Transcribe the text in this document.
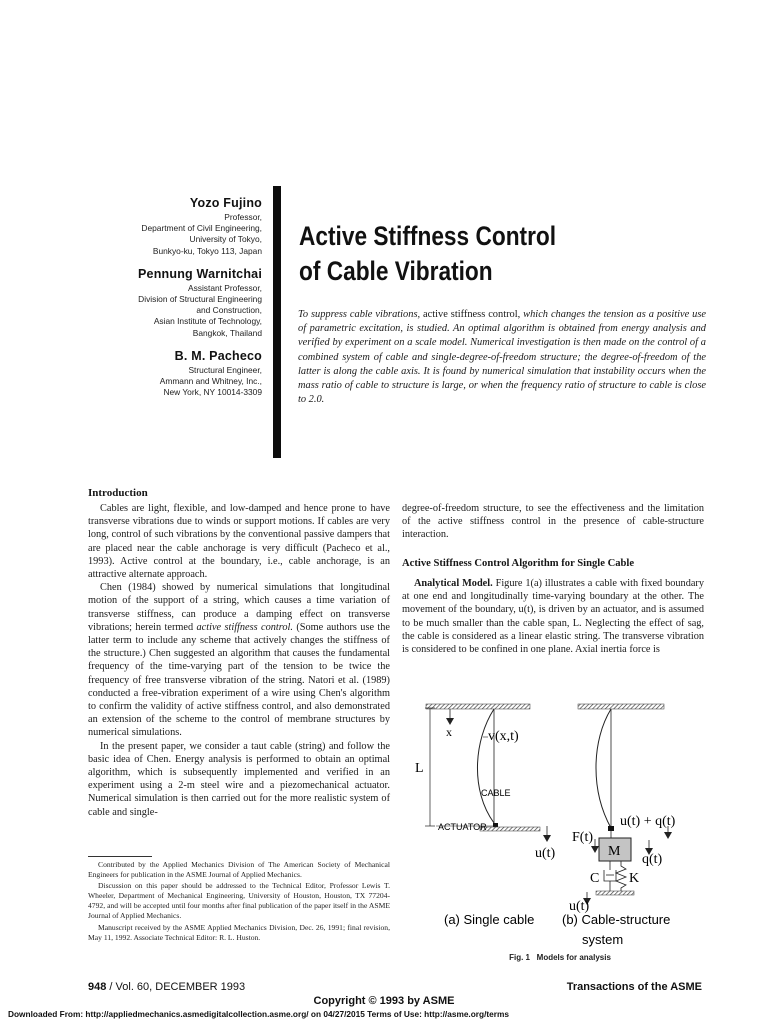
Yozo Fujino
Professor,
Department of Civil Engineering,
University of Tokyo,
Bunkyo-ku, Tokyo 113, Japan
Pennung Warnitchai
Assistant Professor,
Division of Structural Engineering
and Construction,
Asian Institute of Technology,
Bangkok, Thailand
B. M. Pacheco
Structural Engineer,
Ammann and Whitney, Inc.,
New York, NY 10014-3309
Active Stiffness Control
of Cable Vibration
To suppress cable vibrations, active stiffness control, which changes the tension as a positive use of parametric excitation, is studied. An optimal algorithm is obtained from energy analysis and verified by experiment on a scale model. Numerical investigation is then made on the control of a combined system of cable and single-degree-of-freedom structure; the degree-of-freedom of the latter is along the cable axis. It is found by numerical simulation that instability occurs when the mass ratio of cable to structure is large, or when the frequency ratio of structure to cable is close to 2.0.
Introduction

Cables are light, flexible, and low-damped and hence prone to have transverse vibrations due to winds or support motions. If cables are very long, control of such vibrations by the conventional passive dampers that are placed near the cable anchorage is very difficult (Pacheco et al., 1993). Active control at the boundary, i.e., cable anchorage, is an attractive alternate approach.

Chen (1984) showed by numerical simulations that longitudinal motion of the support of a string, which causes a time variation of transverse stiffness, can produce a damping effect on transverse vibrations; herein termed active stiffness control. (Some authors use the latter term to include any scheme that actively changes the stiffness of the structure.) Chen suggested an algorithm that causes the fundamental frequency of the time-varying part of the tension to be twice the frequency of free transverse vibration of the string. Natori et al. (1989) conducted a free-vibration experiment of a wire using Chen's algorithm to confirm the validity of active stiffness control, and also demonstrated an extension of the scheme to the control of membrane structures by numerical simulations.

In the present paper, we consider a taut cable (string) and follow the basic idea of Chen. Energy analysis is performed to obtain an optimal algorithm, which is subsequently implemented and verified in an experiment using a 2-m steel wire and a piezomechanical actuator. Numerical simulation is then carried out for the more realistic system of cable and single-

degree-of-freedom structure, to see the effectiveness and the limitation of the active stiffness control in the presence of cable-structure interaction.

Active Stiffness Control Algorithm for Single Cable

Analytical Model. Figure 1(a) illustrates a cable with fixed boundary at one end and longitudinally time-varying boundary at the other. The movement of the boundary, u(t), is driven by an actuator, and is assumed to be much smaller than the cable span, L. Neglecting the effect of sag, the cable is considered as a linear elastic string. The transverse vibration is considered to be confined in one plane. Axial inertia force is

Contributed by the Applied Mechanics Division of The American Society of Mechanical Engineers for publication in the ASME Journal of Applied Mechanics.

Discussion on this paper should be addressed to the Technical Editor, Professor Lewis T. Wheeler, Department of Mechanical Engineering, University of Houston, Houston, TX 77204-4792, and will be accepted until four months after final publication of the paper itself in the ASME Journal of Applied Mechanics.

Manuscript received by the ASME Applied Mechanics Division, Dec. 26, 1991; final revision, May 11, 1992. Associate Technical Editor: R. L. Huston.

x	v(x,t)
L
CABLE
ACTUATOR
u(t)	M
F(t)
u(t) + q(t)
q(t)
C K
u(t)
(a) Single cable (b) Cable-structure
system
Fig. 1   Models for analysis
948 / Vol. 60, DECEMBER 1993	Transactions of the ASME
Copyright © 1993 by ASME
Downloaded From: http://appliedmechanics.asmedigitalcollection.asme.org/ on 04/27/2015 Terms of Use: http://asme.org/terms
